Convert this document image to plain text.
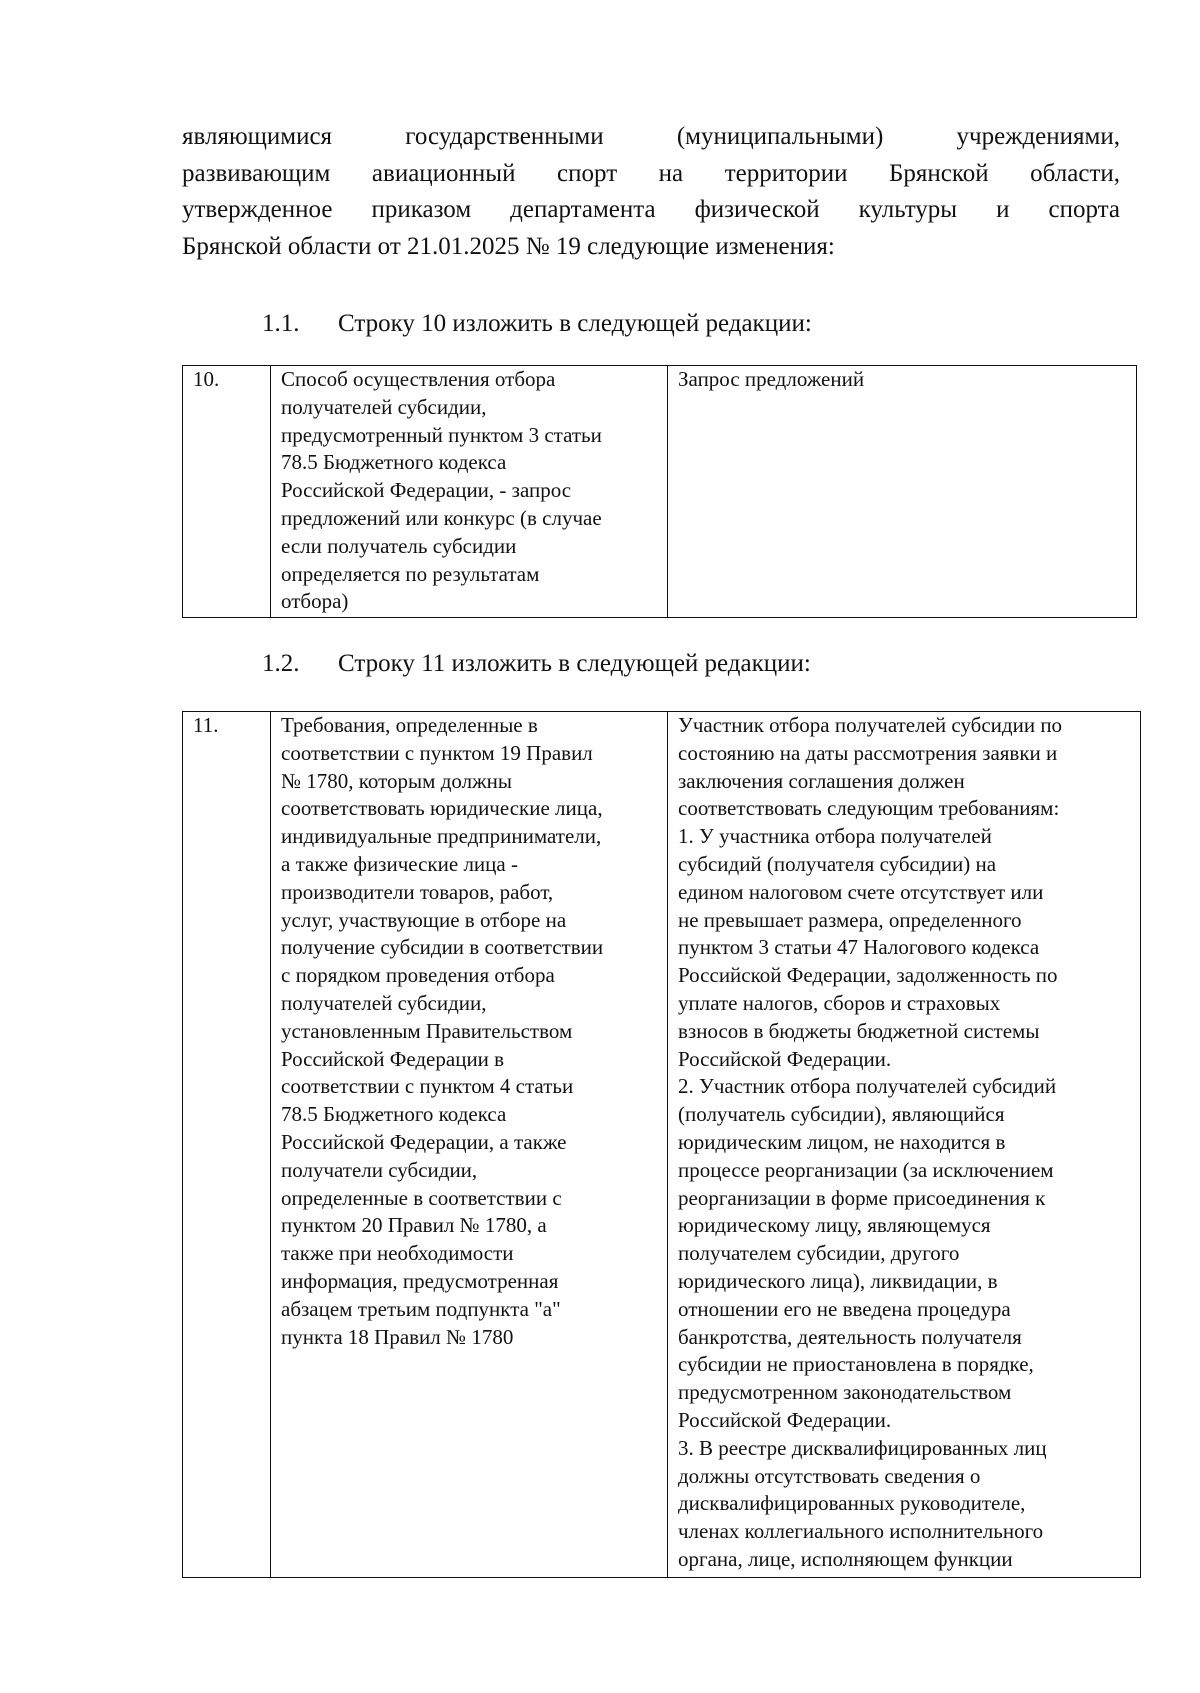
являющимися государственными (муниципальными) учреждениями,
развивающим авиационный спорт на территории Брянской области,
утвержденное приказом департамента физической культуры и спорта
Брянской области от 21.01.2025 № 19 следующие изменения:
1.1. Строку 10 изложить в следующей редакции:
10.	Способ осуществления отбора
получателей субсидии,
предусмотренный пунктом 3 статьи
78.5 Бюджетного кодекса
Российской Федерации, - запрос
предложений или конкурс (в случае
если получатель субсидии
определяется по результатам
отбора)

Запрос предложений
1.2. Строку 11 изложить в следующей редакции:
11.	Требования, определенные в
соответствии с пунктом 19 Правил
№ 1780, которым должны
соответствовать юридические лица,
индивидуальные предприниматели,
а также физические лица -
производители товаров, работ,
услуг, участвующие в отборе на
получение субсидии в соответствии
с порядком проведения отбора
получателей субсидии,
установленным Правительством
Российской Федерации в
соответствии с пунктом 4 статьи
78.5 Бюджетного кодекса
Российской Федерации, а также
получатели субсидии,
определенные в соответствии с
пунктом 20 Правил № 1780, а
также при необходимости
информация, предусмотренная
абзацем третьим подпункта "а"
пункта 18 Правил № 1780

Участник отбора получателей субсидии по
состоянию на даты рассмотрения заявки и
заключения соглашения должен
соответствовать следующим требованиям:
1. У участника отбора получателей
субсидий (получателя субсидии) на
едином налоговом счете отсутствует или
не превышает размера, определенного
пунктом 3 статьи 47 Налогового кодекса
Российской Федерации, задолженность по
уплате налогов, сборов и страховых
взносов в бюджеты бюджетной системы
Российской Федерации.
2. Участник отбора получателей субсидий
(получатель субсидии), являющийся
юридическим лицом, не находится в
процессе реорганизации (за исключением
реорганизации в форме присоединения к
юридическому лицу, являющемуся
получателем субсидии, другого
юридического лица), ликвидации, в
отношении его не введена процедура
банкротства, деятельность получателя
субсидии не приостановлена в порядке,
предусмотренном законодательством
Российской Федерации.
3. В реестре дисквалифицированных лиц
должны отсутствовать сведения о
дисквалифицированных руководителе,
членах коллегиального исполнительного
органа, лице, исполняющем функции
